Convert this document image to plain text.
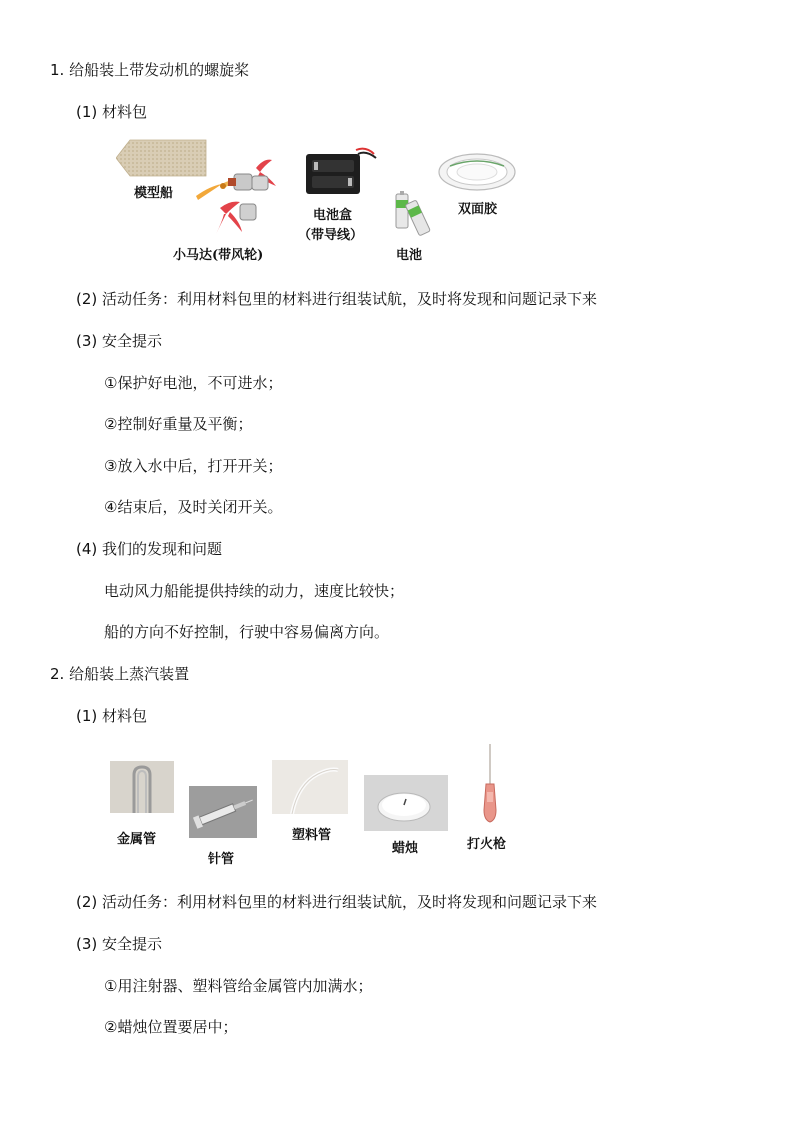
1. 给船装上带发动机的螺旋桨
(1) 材料包
模型船
小马达(带风轮)
电池盒
（带导线）
电池
双面胶
(2) 活动任务：利用材料包里的材料进行组装试航，及时将发现和问题记录下来
(3) 安全提示
①保护好电池，不可进水；
②控制好重量及平衡；
③放入水中后，打开开关；
④结束后，及时关闭开关。
(4) 我们的发现和问题
电动风力船能提供持续的动力，速度比较快；
船的方向不好控制，行驶中容易偏离方向。
2. 给船装上蒸汽装置
(1) 材料包
金属管
针管
塑料管
蜡烛	打火枪
(2) 活动任务：利用材料包里的材料进行组装试航，及时将发现和问题记录下来
(3) 安全提示
①用注射器、塑料管给金属管内加满水；
②蜡烛位置要居中；
